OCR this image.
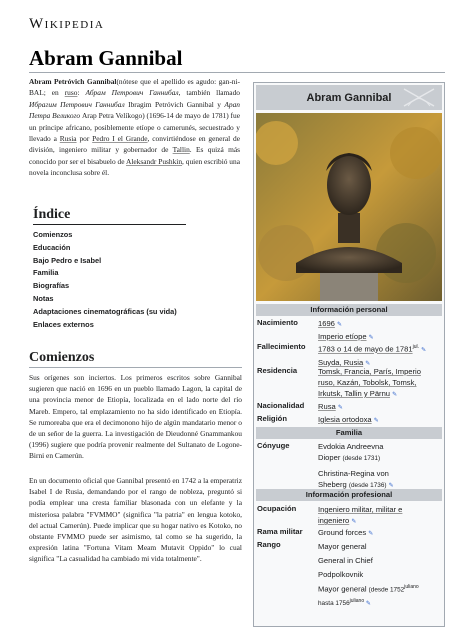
Wikipedia
Abram Gannibal

Abram Petróvich Gannibal(nótese que el apellido es agudo: gan-ni-BAL; en ruso: Абрам Петрович Ганнибал, también llamado Ибрагим Петрович Ганнибал Ibragim Petróvich Gannibal y Арап Петра Великого Arap Petra Velíkogo) (1696-14 de mayo de 1781) fue un príncipe africano, posiblemente etíope o camerunés, secuestrado y llevado a Rusia por Pedro I el Grande, convirtiéndose en general de división, ingeniero militar y gobernador de Tallin. Es quizá más conocido por ser el bisabuelo de Aleksandr Pushkin, quien escribió una novela inconclusa sobre él.

Índice
Comienzos
Educación
Bajo Pedro e Isabel
Familia
Biografías
Notas
Adaptaciones cinematográficas (su vida)
Enlaces externos
Comienzos

Sus orígenes son inciertos. Los primeros escritos sobre Gannibal sugieren que nació en 1696 en un pueblo llamado Lagon, la capital de una provincia menor de Etiopía, localizada en el lado norte del río Mareb. Empero, tal emplazamiento no ha sido identificado en Etiopía. Se rumoreaba que era el decimonono hijo de algún mandatario menor o de un señor de la guerra. La investigación de Dieudonné Gnammankou (1996) sugiere que podría provenir realmente del Sultanato de Logone-Birni en Camerún.

En un documento oficial que Gannibal presentó en 1742 a la emperatriz Isabel I de Rusia, demandando por el rango de nobleza, preguntó si podía emplear una cresta familiar blasonada con un elefante y la misteriosa palabra "FVMMO" (significa "la patria" en lengua kotoko, del actual Camerún). Puede implicar que su hogar nativo es Kotoko, no obstante FVMMO puede ser asimismo, tal como se ha sugerido, la expresión latina "Fortuna Vitam Meam Mutavit Oppido" lo cual significa "La casualidad ha cambiado mi vida totalmente".

Abram Gannibal
Información personal
Nacimiento	1696 ✎
Imperio etíope ✎
Fallecimiento	1783 o 14 de mayo de $1781^{jul.}$ ✎
Suyda, Rusia ✎
Residencia	Tomsk, Francia, París, Imperio
ruso, Kazán, Tobolsk, Tomsk,
Irkutsk, Tallin y Pärnu ✎
Nacionalidad	Rusa ✎
Religión	Iglesia ortodoxa ✎
Familia
Cónyuge	Evdokia Andreevna
Dioper (desde 1731)
Christina-Regina von
Sheberg (desde 1736) ✎
Información profesional
Ocupación	Ingeniero militar, militar e
ingeniero ✎
Rama militar	Ground forces ✎
Rango	Mayor general
General in Chief
Podpolkovnik
Mayor general (desde $1752^{juliano}$
hasta $1756^{juliano}$ ✎
